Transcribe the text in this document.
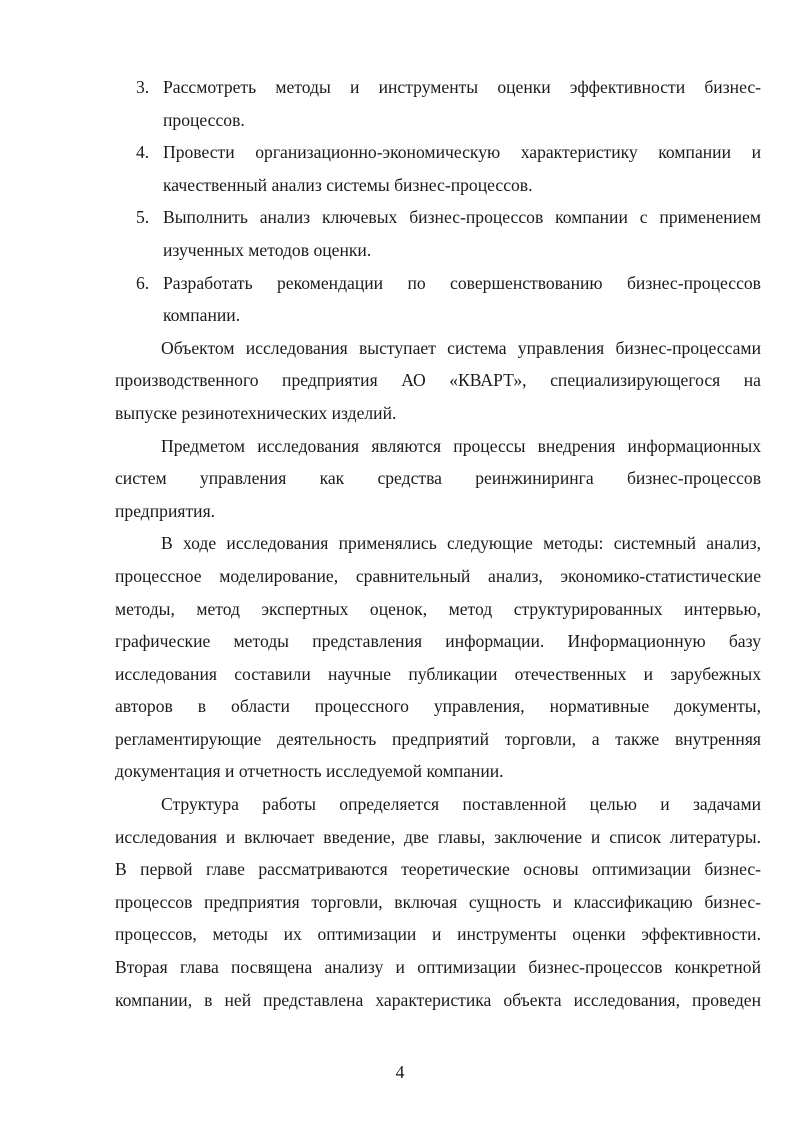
3. Рассмотреть методы и инструменты оценки эффективности бизнес-
процессов.
4. Провести организационно-экономическую характеристику компании и
качественный анализ системы бизнес-процессов.
5. Выполнить анализ ключевых бизнес-процессов компании с применением
изученных методов оценки.
6. Разработать рекомендации по совершенствованию бизнес-процессов
компании.
Объектом исследования выступает система управления бизнес-процессами
производственного предприятия АО «КВАРТ», специализирующегося на
выпуске резинотехнических изделий.
Предметом исследования являются процессы внедрения информационных
систем управления как средства реинжиниринга бизнес-процессов
предприятия.
В ходе исследования применялись следующие методы: системный анализ,
процессное моделирование, сравнительный анализ, экономико-статистические
методы, метод экспертных оценок, метод структурированных интервью,
графические методы представления информации. Информационную базу
исследования составили научные публикации отечественных и зарубежных
авторов в области процессного управления, нормативные документы,
регламентирующие деятельность предприятий торговли, а также внутренняя
документация и отчетность исследуемой компании.
Структура работы определяется поставленной целью и задачами
исследования и включает введение, две главы, заключение и список литературы.
В первой главе рассматриваются теоретические основы оптимизации бизнес-
процессов предприятия торговли, включая сущность и классификацию бизнес-
процессов, методы их оптимизации и инструменты оценки эффективности.
Вторая глава посвящена анализу и оптимизации бизнес-процессов конкретной
компании, в ней представлена характеристика объекта исследования, проведен
4
